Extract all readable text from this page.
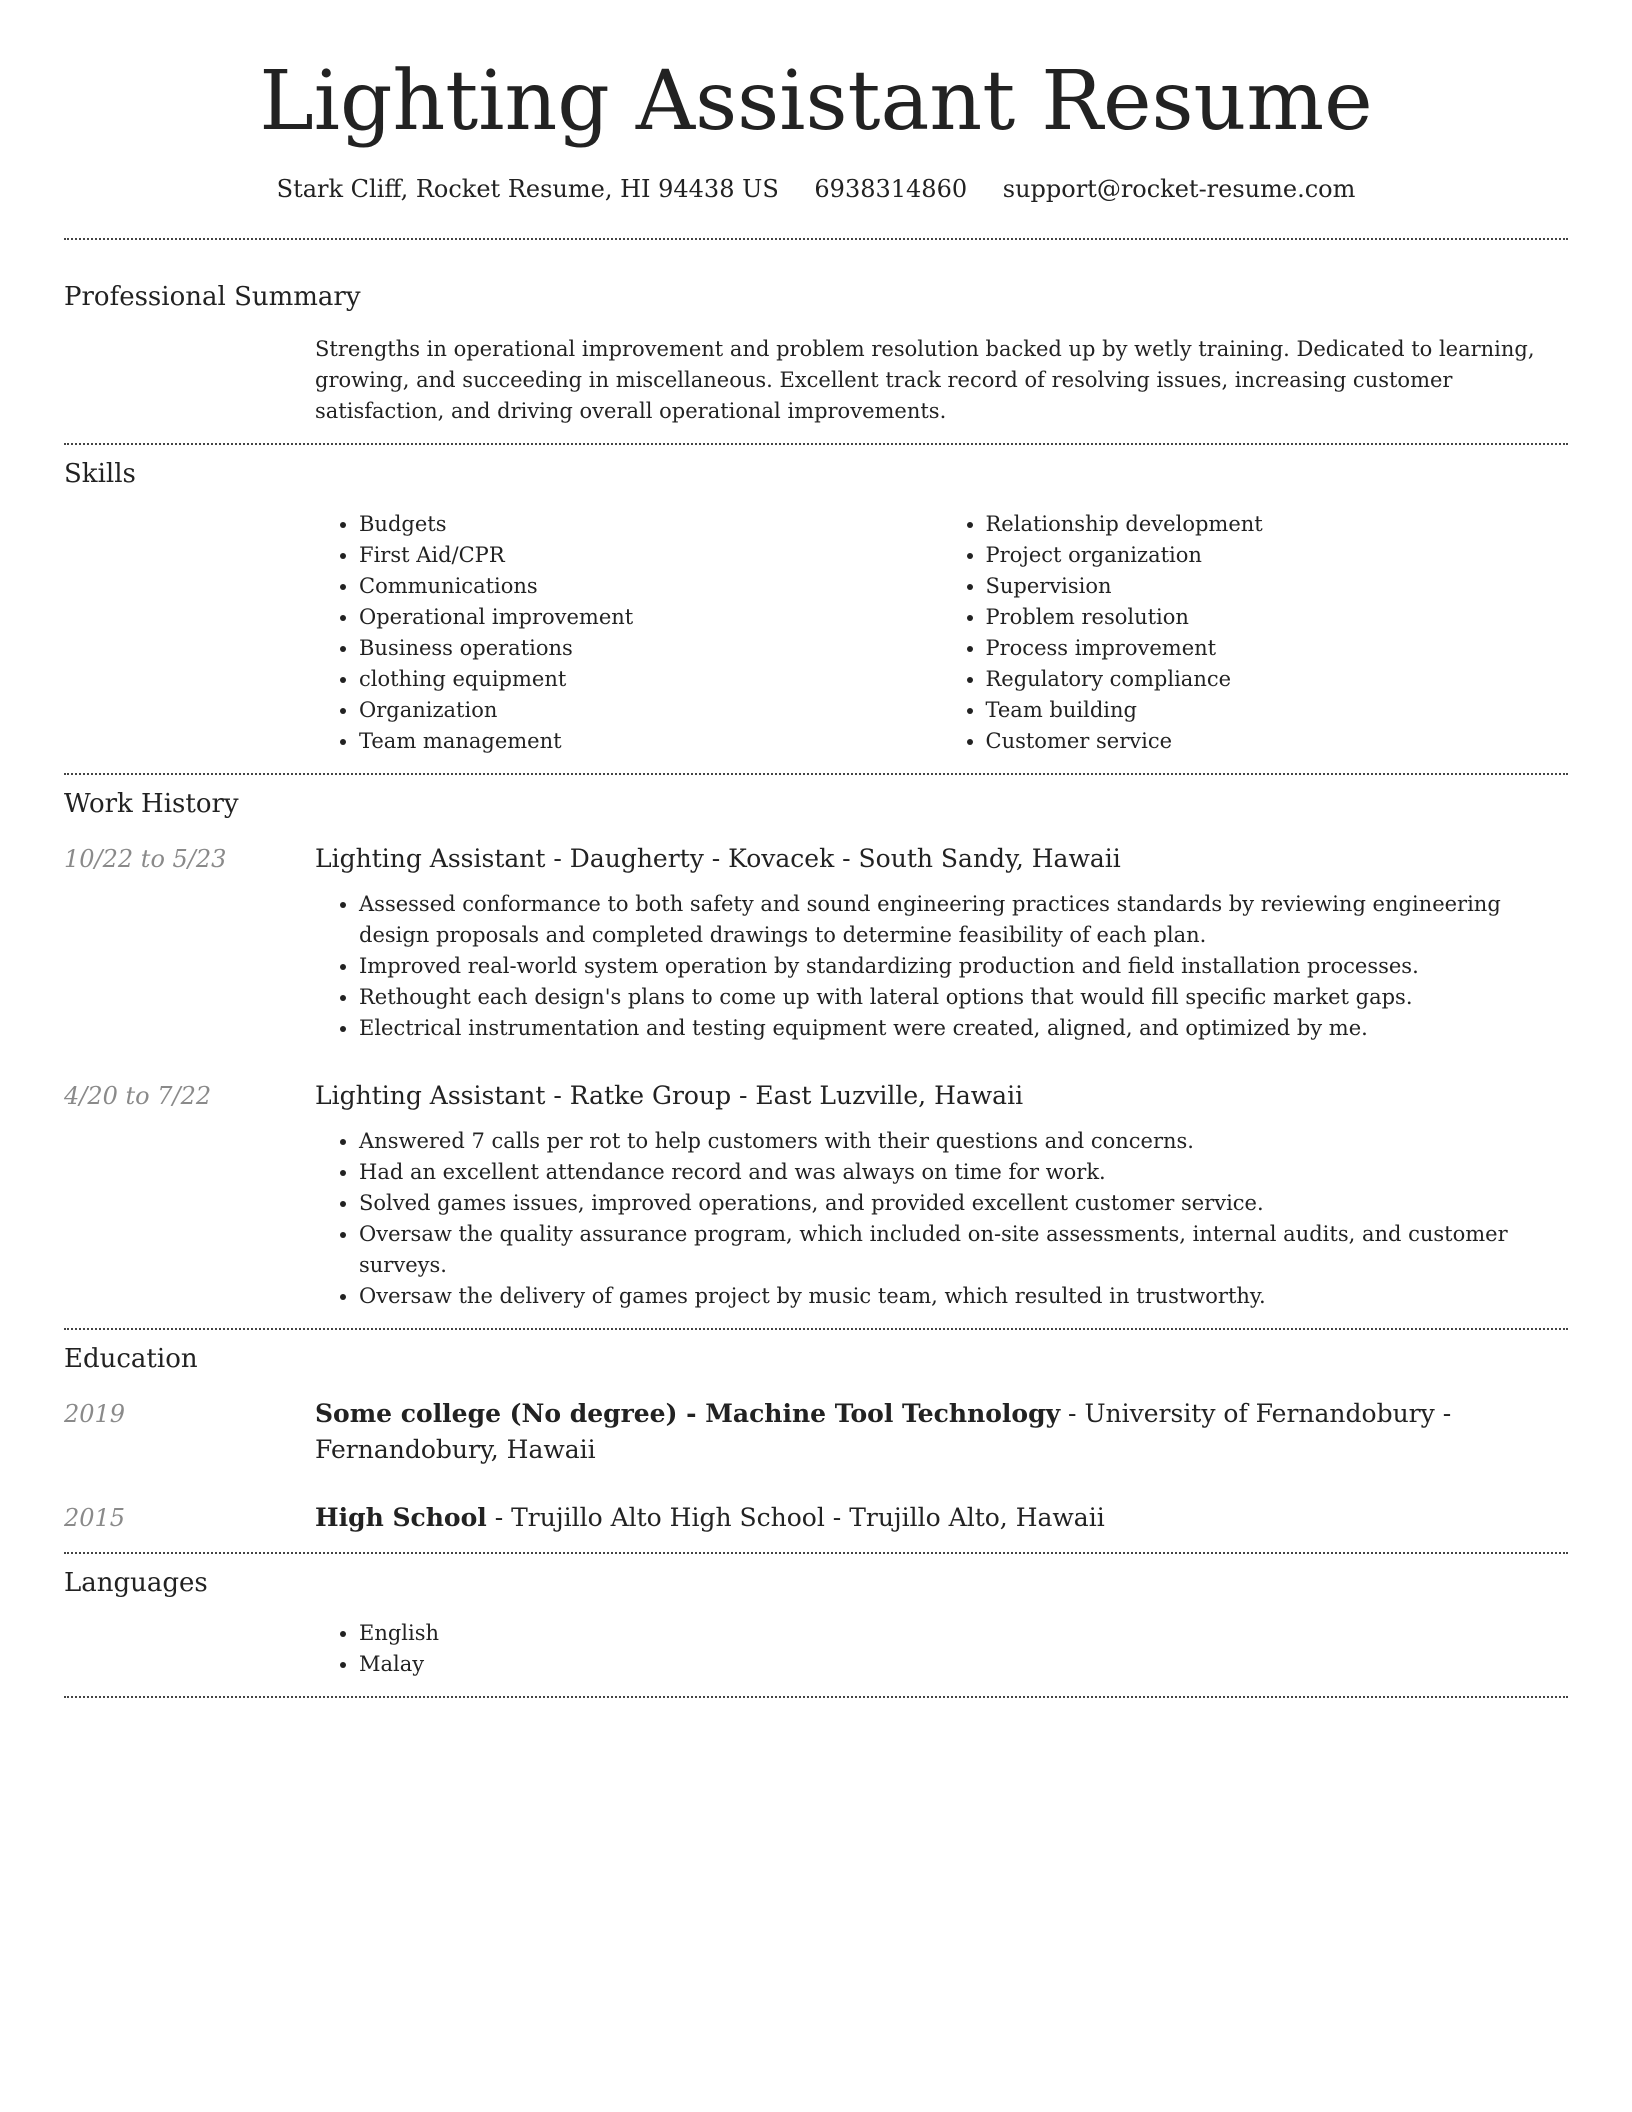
Lighting Assistant Resume
Stark Cliff, Rocket Resume, HI 94438 US 6938314860 support@rocket-resume.com
Professional Summary

Strengths in operational improvement and problem resolution backed up by wetly training. Dedicated to learning, growing, and succeeding in miscellaneous. Excellent track record of resolving issues, increasing customer satisfaction, and driving overall operational improvements.

Skills
• Budgets
• First Aid/CPR
• Communications
• Operational improvement
• Business operations
• clothing equipment
• Organization
• Team management
• Relationship development
• Project organization
• Supervision
• Problem resolution
• Process improvement
• Regulatory compliance
• Team building
• Customer service
Work History
10/22 to 5/23	Lighting Assistant - Daugherty - Kovacek - South Sandy, Hawaii
• Assessed conformance to both safety and sound engineering practices standards by reviewing engineering design proposals and completed drawings to determine feasibility of each plan.
• Improved real-world system operation by standardizing production and field installation processes.
• Rethought each design's plans to come up with lateral options that would fill specific market gaps.
• Electrical instrumentation and testing equipment were created, aligned, and optimized by me.
4/20 to 7/22	Lighting Assistant - Ratke Group - East Luzville, Hawaii
• Answered 7 calls per rot to help customers with their questions and concerns.
• Had an excellent attendance record and was always on time for work.
• Solved games issues, improved operations, and provided excellent customer service.
• Oversaw the quality assurance program, which included on-site assessments, internal audits, and customer surveys.
• Oversaw the delivery of games project by music team, which resulted in trustworthy.
Education
2019	Some college (No degree) - Machine Tool Technology - University of Fernandobury - Fernandobury, Hawaii
2015	High School - Trujillo Alto High School - Trujillo Alto, Hawaii
Languages
• English
• Malay
